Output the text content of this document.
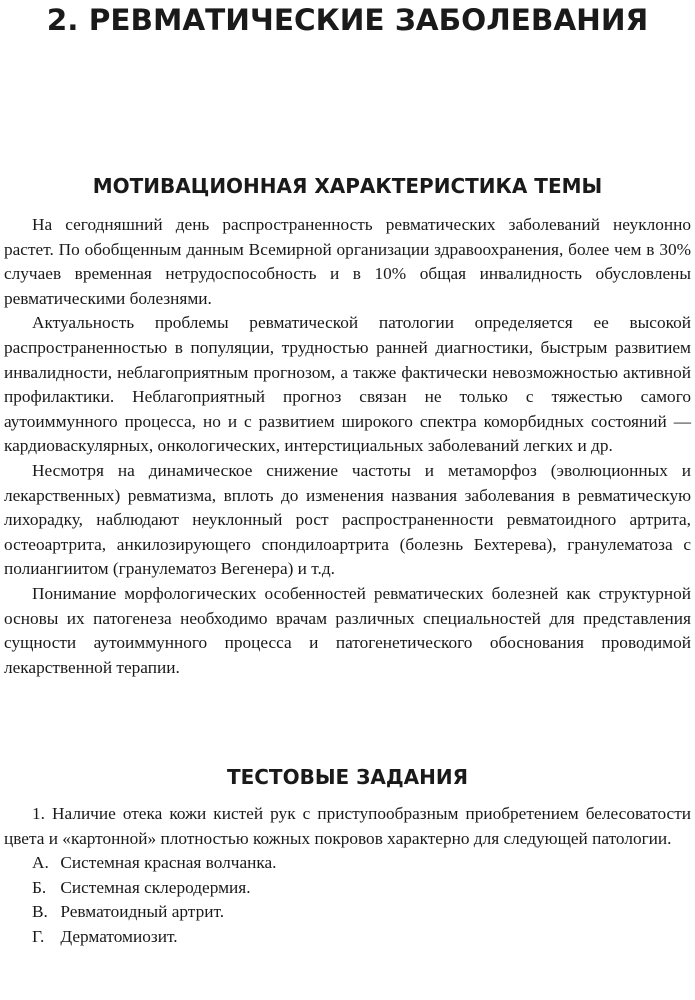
2. РЕВМАТИЧЕСКИЕ ЗАБОЛЕВАНИЯ
МОТИВАЦИОННАЯ ХАРАКТЕРИСТИКА ТЕМЫ

На сегодняшний день распространенность ревматических заболеваний неуклонно растет. По обобщенным данным Всемирной организации здравоохранения, более чем в 30% случаев временная нетрудоспособность и в 10% общая инвалидность обусловлены ревматическими болезнями.

Актуальность проблемы ревматической патологии определяется ее высокой распространенностью в популяции, трудностью ранней диагностики, быстрым развитием инвалидности, неблагоприятным прогнозом, а также фактически невозможностью активной профилактики. Неблагоприятный прогноз связан не только с тяжестью самого аутоиммунного процесса, но и с развитием широкого спектра коморбидных состояний — кардиоваскулярных, онкологических, интерстициальных заболеваний легких и др.

Несмотря на динамическое снижение частоты и метаморфоз (эволюционных и лекарственных) ревматизма, вплоть до изменения названия заболевания в ревматическую лихорадку, наблюдают неуклонный рост распространенности ревматоидного артрита, остеоартрита, анкилозирующего спондилоартрита (болезнь Бехтерева), гранулематоза с полиангиитом (гранулематоз Вегенера) и т.д.

Понимание морфологических особенностей ревматических болезней как структурной основы их патогенеза необходимо врачам различных специальностей для представления сущности аутоиммунного процесса и патогенетического обоснования проводимой лекарственной терапии.

ТЕСТОВЫЕ ЗАДАНИЯ

1. Наличие отека кожи кистей рук с приступообразным приобретением белесоватости цвета и «картонной» плотностью кожных покровов характерно для следующей патологии.

А. Системная красная волчанка.
Б. Системная склеродермия.
В. Ревматоидный артрит.
Г. Дерматомиозит.
